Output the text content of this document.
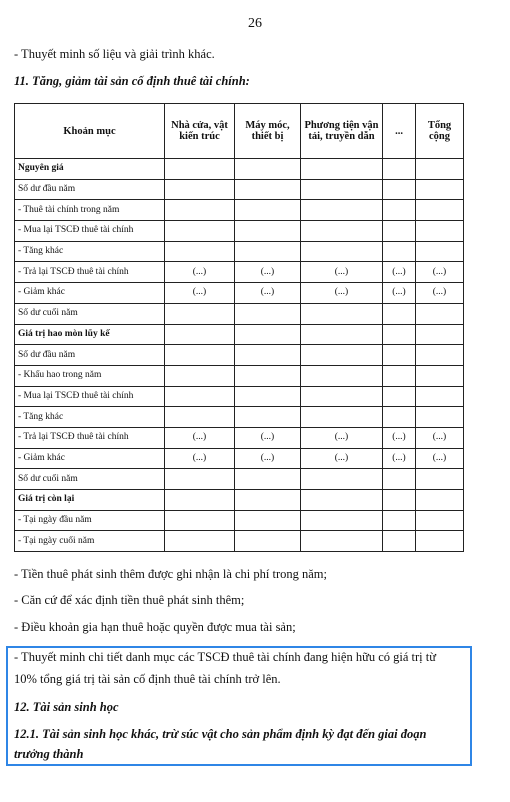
26
- Thuyết minh số liệu và giải trình khác.
11. Tăng, giảm tài sản cố định thuê tài chính:
Khoản mục	Nhà cửa, vật kiến trúc	Máy móc, thiết bị	Phương tiện vận tải, truyền dẫn	...	Tổng cộng
Nguyên giá					
Số dư đầu năm					
- Thuê tài chính trong năm					
- Mua lại TSCĐ thuê tài chính					
- Tăng khác					
- Trả lại TSCĐ thuê tài chính	(...)	(...)	(...)	(...)	(...)
- Giảm khác	(...)	(...)	(...)	(...)	(...)
Số dư cuối năm					
Giá trị hao mòn lũy kế					
Số dư đầu năm					
- Khấu hao trong năm					
- Mua lại TSCĐ thuê tài chính					
- Tăng khác					
- Trả lại TSCĐ thuê tài chính	(...)	(...)	(...)	(...)	(...)
- Giảm khác	(...)	(...)	(...)	(...)	(...)
Số dư cuối năm					
Giá trị còn lại					
- Tại ngày đầu năm					
- Tại ngày cuối năm					
- Tiền thuê phát sinh thêm được ghi nhận là chi phí trong năm;
- Căn cứ để xác định tiền thuê phát sinh thêm;
- Điều khoản gia hạn thuê hoặc quyền được mua tài sản;
- Thuyết minh chi tiết danh mục các TSCĐ thuê tài chính đang hiện hữu có giá trị từ
10% tổng giá trị tài sản cố định thuê tài chính trở lên.
12. Tài sản sinh học
12.1. Tài sản sinh học khác, trừ súc vật cho sản phẩm định kỳ đạt đến giai đoạn
trưởng thành
